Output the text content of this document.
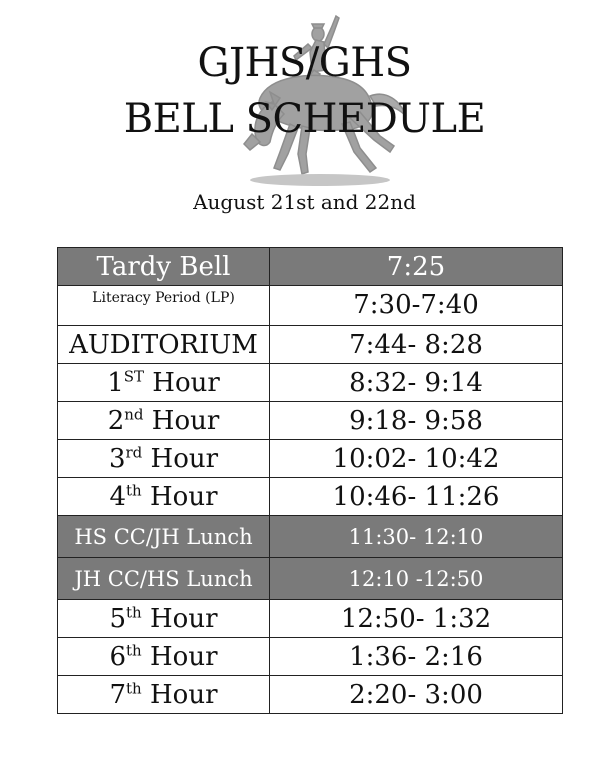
GJHS/GHS
BELL SCHEDULE
August 21st and 22nd
Tardy Bell	7:25
Literacy Period (LP)	7:30-7:40
AUDITORIUM	7:44- 8:28
1ST Hour	8:32- 9:14
2nd Hour	9:18- 9:58
3rd Hour	10:02- 10:42
4th Hour	10:46- 11:26
HS CC/JH Lunch	11:30- 12:10
JH CC/HS Lunch	12:10 -12:50
5th Hour	12:50- 1:32
6th Hour	1:36- 2:16
7th Hour	2:20- 3:00
